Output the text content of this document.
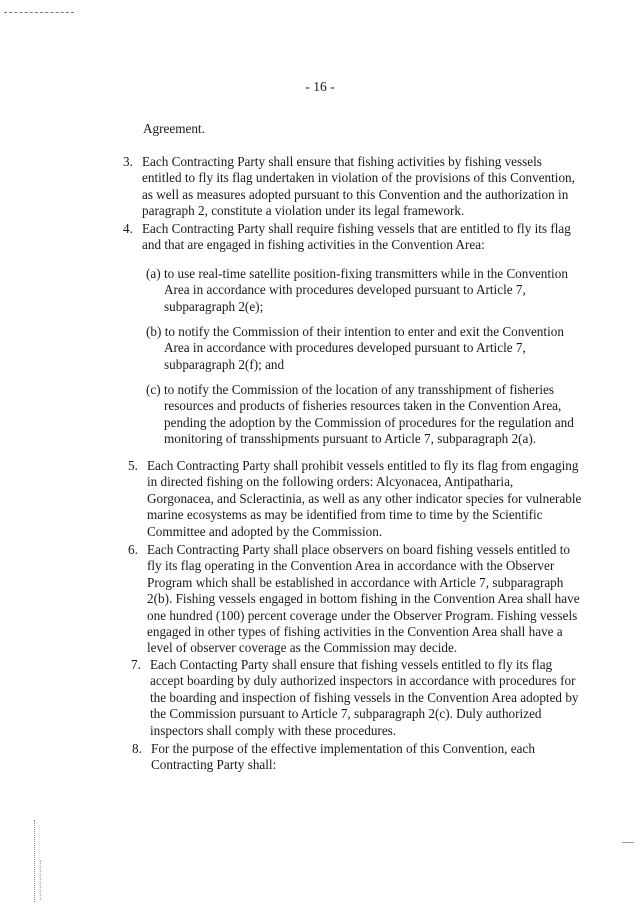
- 16 -

Agreement.

3. Each Contracting Party shall ensure that fishing activities by fishing vessels entitled to fly its flag undertaken in violation of the provisions of this Convention, as well as measures adopted pursuant to this Convention and the authorization in paragraph 2, constitute a violation under its legal framework.
4. Each Contracting Party shall require fishing vessels that are entitled to fly its flag and that are engaged in fishing activities in the Convention Area:
(a) to use real-time satellite position-fixing transmitters while in the Convention Area in accordance with procedures developed pursuant to Article 7, subparagraph 2(e);
(b) to notify the Commission of their intention to enter and exit the Convention Area in accordance with procedures developed pursuant to Article 7, subparagraph 2(f); and
(c) to notify the Commission of the location of any transshipment of fisheries resources and products of fisheries resources taken in the Convention Area, pending the adoption by the Commission of procedures for the regulation and monitoring of transshipments pursuant to Article 7, subparagraph 2(a).
5. Each Contracting Party shall prohibit vessels entitled to fly its flag from engaging in directed fishing on the following orders: Alcyonacea, Antipatharia, Gorgonacea, and Scleractinia, as well as any other indicator species for vulnerable marine ecosystems as may be identified from time to time by the Scientific Committee and adopted by the Commission.
6. Each Contracting Party shall place observers on board fishing vessels entitled to fly its flag operating in the Convention Area in accordance with the Observer Program which shall be established in accordance with Article 7, subparagraph 2(b). Fishing vessels engaged in bottom fishing in the Convention Area shall have one hundred (100) percent coverage under the Observer Program. Fishing vessels engaged in other types of fishing activities in the Convention Area shall have a level of observer coverage as the Commission may decide.
7. Each Contacting Party shall ensure that fishing vessels entitled to fly its flag accept boarding by duly authorized inspectors in accordance with procedures for the boarding and inspection of fishing vessels in the Convention Area adopted by the Commission pursuant to Article 7, subparagraph 2(c). Duly authorized inspectors shall comply with these procedures.
8. For the purpose of the effective implementation of this Convention, each Contracting Party shall:
